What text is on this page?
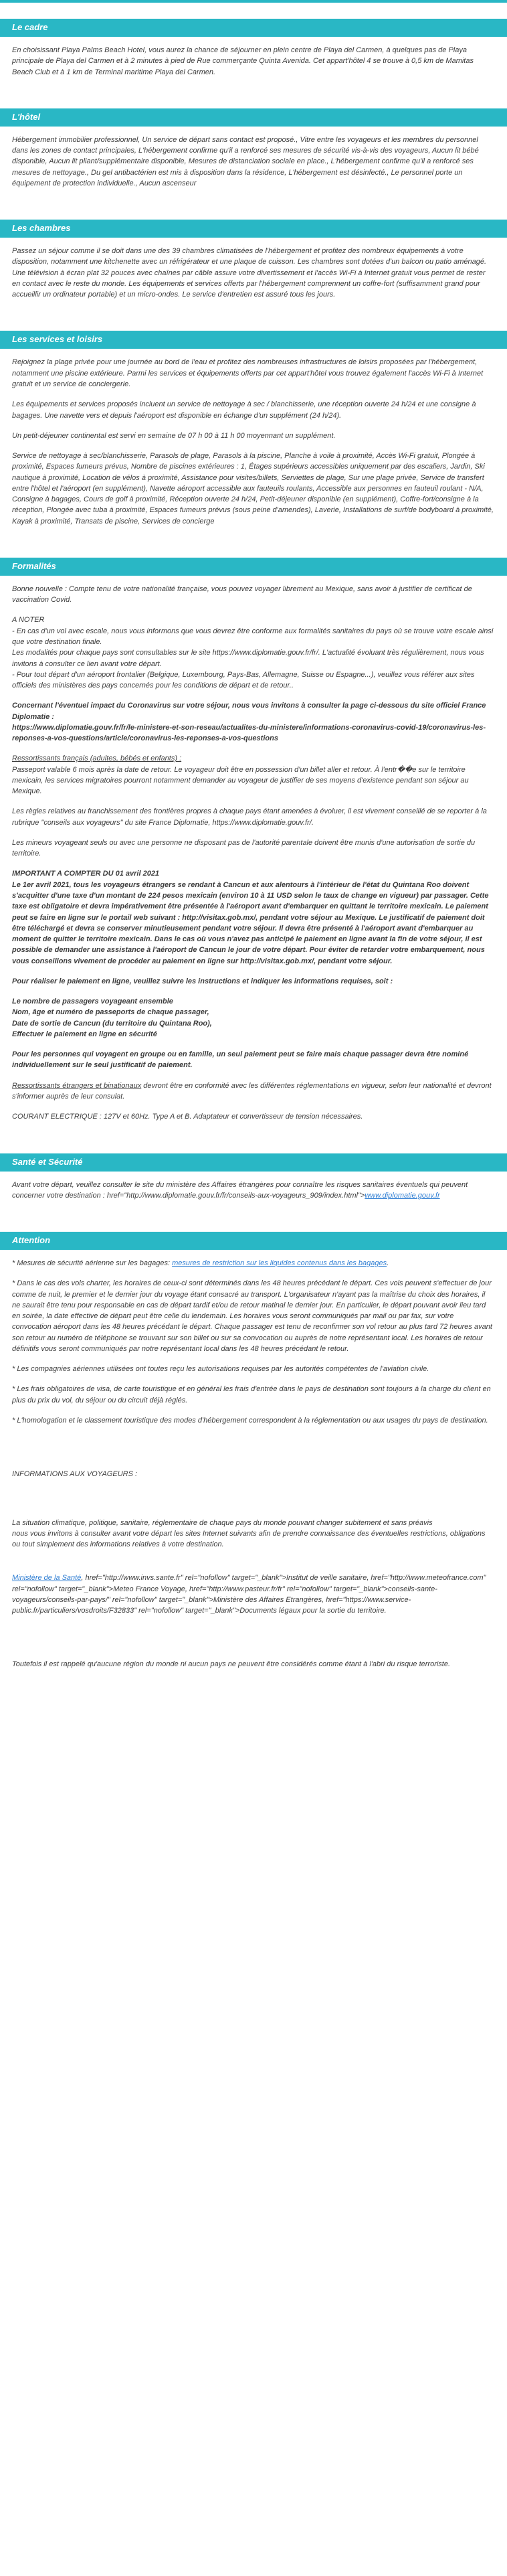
Le cadre

En choisissant Playa Palms Beach Hotel, vous aurez la chance de séjourner en plein centre de Playa del Carmen, à quelques pas de Playa principale de Playa del Carmen et à 2 minutes à pied de Rue commerçante Quinta Avenida. Cet appart'hôtel 4 se trouve à 0,5 km de Mamitas Beach Club et à 1 km de Terminal maritime Playa del Carmen.

L'hôtel

Hébergement immobilier professionnel, Un service de départ sans contact est proposé., Vitre entre les voyageurs et les membres du personnel dans les zones de contact principales, L'hébergement confirme qu'il a renforcé ses mesures de sécurité vis-à-vis des voyageurs, Aucun lit bébé disponible, Aucun lit pliant/supplémentaire disponible, Mesures de distanciation sociale en place., L'hébergement confirme qu'il a renforcé ses mesures de nettoyage., Du gel antibactérien est mis à disposition dans la résidence, L'hébergement est désinfecté., Le personnel porte un équipement de protection individuelle., Aucun ascenseur

Les chambres

Passez un séjour comme il se doit dans une des 39 chambres climatisées de l'hébergement et profitez des nombreux équipements à votre disposition, notamment une kitchenette avec un réfrigérateur et une plaque de cuisson. Les chambres sont dotées d'un balcon ou patio aménagé. Une télévision à écran plat 32 pouces avec chaînes par câble assure votre divertissement et l'accès Wi-Fi à Internet gratuit vous permet de rester en contact avec le reste du monde. Les équipements et services offerts par l'hébergement comprennent un coffre-fort (suffisamment grand pour accueillir un ordinateur portable) et un micro-ondes. Le service d'entretien est assuré tous les jours.

Les services et loisirs

Rejoignez la plage privée pour une journée au bord de l'eau et profitez des nombreuses infrastructures de loisirs proposées par l'hébergement, notamment une piscine extérieure. Parmi les services et équipements offerts par cet appart'hôtel vous trouvez également l'accès Wi-Fi à Internet gratuit et un service de conciergerie.

Les équipements et services proposés incluent un service de nettoyage à sec / blanchisserie, une réception ouverte 24 h/24 et une consigne à bagages. Une navette vers et depuis l'aéroport est disponible en échange d'un supplément (24 h/24).

Un petit-déjeuner continental est servi en semaine de 07 h 00 à 11 h 00 moyennant un supplément.

Service de nettoyage à sec/blanchisserie, Parasols de plage, Parasols à la piscine, Planche à voile à proximité, Accès Wi-Fi gratuit, Plongée à proximité, Espaces fumeurs prévus, Nombre de piscines extérieures : 1, Étages supérieurs accessibles uniquement par des escaliers, Jardin, Ski nautique à proximité, Location de vélos à proximité, Assistance pour visites/billets, Serviettes de plage, Sur une plage privée, Service de transfert entre l'hôtel et l'aéroport (en supplément), Navette aéroport accessible aux fauteuils roulants, Accessible aux personnes en fauteuil roulant - N/A, Consigne à bagages, Cours de golf à proximité, Réception ouverte 24 h/24, Petit-déjeuner disponible (en supplément), Coffre-fort/consigne à la réception, Plongée avec tuba à proximité, Espaces fumeurs prévus (sous peine d'amendes), Laverie, Installations de surf/de bodyboard à proximité, Kayak à proximité, Transats de piscine, Services de concierge

Formalités

Bonne nouvelle : Compte tenu de votre nationalité française, vous pouvez voyager librement au Mexique, sans avoir à justifier de certificat de vaccination Covid.

A NOTER
- En cas d'un vol avec escale, nous vous informons que vous devrez être conforme aux formalités sanitaires du pays où se trouve votre escale ainsi que votre destination finale.
Les modalités pour chaque pays sont consultables sur le site https://www.diplomatie.gouv.fr/fr/. L'actualité évoluant très régulièrement, nous vous invitons à consulter ce lien avant votre départ.
- Pour tout départ d'un aéroport frontalier (Belgique, Luxembourg, Pays-Bas, Allemagne, Suisse ou Espagne...), veuillez vous référer aux sites officiels des ministères des pays concernés pour les conditions de départ et de retour..
Concernant l'éventuel impact du Coronavirus sur votre séjour, nous vous invitons à consulter la page ci-dessous du site officiel France Diplomatie :
https://www.diplomatie.gouv.fr/fr/le-ministere-et-son-reseau/actualites-du-ministere/informations-coronavirus-covid-19/coronavirus-les-reponses-a-vos-questions/article/coronavirus-les-reponses-a-vos-questions
Ressortissants français (adultes, bébés et enfants) :
Passeport valable 6 mois après la date de retour. Le voyageur doit être en possession d'un billet aller et retour. À l'entr��e sur le territoire mexicain, les services migratoires pourront notamment demander au voyageur de justifier de ses moyens d'existence pendant son séjour au Mexique.

Les règles relatives au franchissement des frontières propres à chaque pays étant amenées à évoluer, il est vivement conseillé de se reporter à la rubrique "conseils aux voyageurs" du site France Diplomatie, https://www.diplomatie.gouv.fr/.

Les mineurs voyageant seuls ou avec une personne ne disposant pas de l'autorité parentale doivent être munis d'une autorisation de sortie du territoire.

IMPORTANT A COMPTER DU 01 avril 2021
Le 1er avril 2021, tous les voyageurs étrangers se rendant à Cancun et aux alentours à l'intérieur de l'état du Quintana Roo doivent s'acquitter d'une taxe d'un montant de 224 pesos mexicain (environ 10 à 11 USD selon le taux de change en vigueur) par passager. Cette taxe est obligatoire et devra impérativement être présentée à l'aéroport avant d'embarquer en quittant le territoire mexicain. Le paiement peut se faire en ligne sur le portail web suivant : http://visitax.gob.mx/, pendant votre séjour au Mexique. Le justificatif de paiement doit être téléchargé et devra se conserver minutieusement pendant votre séjour. Il devra être présenté à l'aéroport avant d'embarquer au moment de quitter le territoire mexicain. Dans le cas où vous n'avez pas anticipé le paiement en ligne avant la fin de votre séjour, il est possible de demander une assistance à l'aéroport de Cancun le jour de votre départ. Pour éviter de retarder votre embarquement, nous vous conseillons vivement de procéder au paiement en ligne sur http://visitax.gob.mx/, pendant votre séjour.

Pour réaliser le paiement en ligne, veuillez suivre les instructions et indiquer les informations requises, soit :

Le nombre de passagers voyageant ensemble
Nom, âge et numéro de passeports de chaque passager,
Date de sortie de Cancun (du territoire du Quintana Roo),
Effectuer le paiement en ligne en sécurité

Pour les personnes qui voyagent en groupe ou en famille, un seul paiement peut se faire mais chaque passager devra être nominé individuellement sur le seul justificatif de paiement.

Ressortissants étrangers et binationaux devront être en conformité avec les différentes réglementations en vigueur, selon leur nationalité et devront s'informer auprès de leur consulat.

COURANT ELECTRIQUE : 127V et 60Hz. Type A et B. Adaptateur et convertisseur de tension nécessaires.

Santé et Sécurité

Avant votre départ, veuillez consulter le site du ministère des Affaires étrangères pour connaître les risques sanitaires éventuels qui peuvent concerner votre destination : href="http://www.diplomatie.gouv.fr/fr/conseils-aux-voyageurs_909/index.html">www.diplomatie.gouv.fr

Attention

* Mesures de sécurité aérienne sur les bagages: mesures de restriction sur les liquides contenus dans les bagages.

* Dans le cas des vols charter, les horaires de ceux-ci sont déterminés dans les 48 heures précédant le départ. Ces vols peuvent s'effectuer de jour comme de nuit, le premier et le dernier jour du voyage étant consacré au transport. L'organisateur n'ayant pas la maîtrise du choix des horaires, il ne saurait être tenu pour responsable en cas de départ tardif et/ou de retour matinal le dernier jour. En particulier, le départ pouvant avoir lieu tard en soirée, la date effective de départ peut être celle du lendemain. Les horaires vous seront communiqués par mail ou par fax, sur votre convocation aéroport dans les 48 heures précédant le départ. Chaque passager est tenu de reconfirmer son vol retour au plus tard 72 heures avant son retour au numéro de téléphone se trouvant sur son billet ou sur sa convocation ou auprès de notre représentant local. Les horaires de retour définitifs vous seront communiqués par notre représentant local dans les 48 heures précédant le retour.

* Les compagnies aériennes utilisées ont toutes reçu les autorisations requises par les autorités compétentes de l'aviation civile.

* Les frais obligatoires de visa, de carte touristique et en général les frais d'entrée dans le pays de destination sont toujours à la charge du client en plus du prix du vol, du séjour ou du circuit déjà réglés.

* L'homologation et le classement touristique des modes d'hébergement correspondent à la réglementation ou aux usages du pays de destination.

INFORMATIONS AUX VOYAGEURS :

La situation climatique, politique, sanitaire, réglementaire de chaque pays du monde pouvant changer subitement et sans préavis
nous vous invitons à consulter avant votre départ les sites Internet suivants afin de prendre connaissance des éventuelles restrictions, obligations ou tout simplement des informations relatives à votre destination.

Ministère de la Santé, href="http://www.invs.sante.fr" rel="nofollow" target="_blank">Institut de veille sanitaire, href="http://www.meteofrance.com" rel="nofollow" target="_blank">Meteo France Voyage, href="http://www.pasteur.fr/fr" rel="nofollow" target="_blank">conseils-sante-voyageurs/conseils-par-pays/" rel="nofollow" target="_blank">Ministère des Affaires Etrangères, href="https://www.service-public.fr/particuliers/vosdroits/F32833" rel="nofollow" target="_blank">Documents légaux pour la sortie du territoire.

Toutefois il est rappelé qu'aucune région du monde ni aucun pays ne peuvent être considérés comme étant à l'abri du risque terroriste.
